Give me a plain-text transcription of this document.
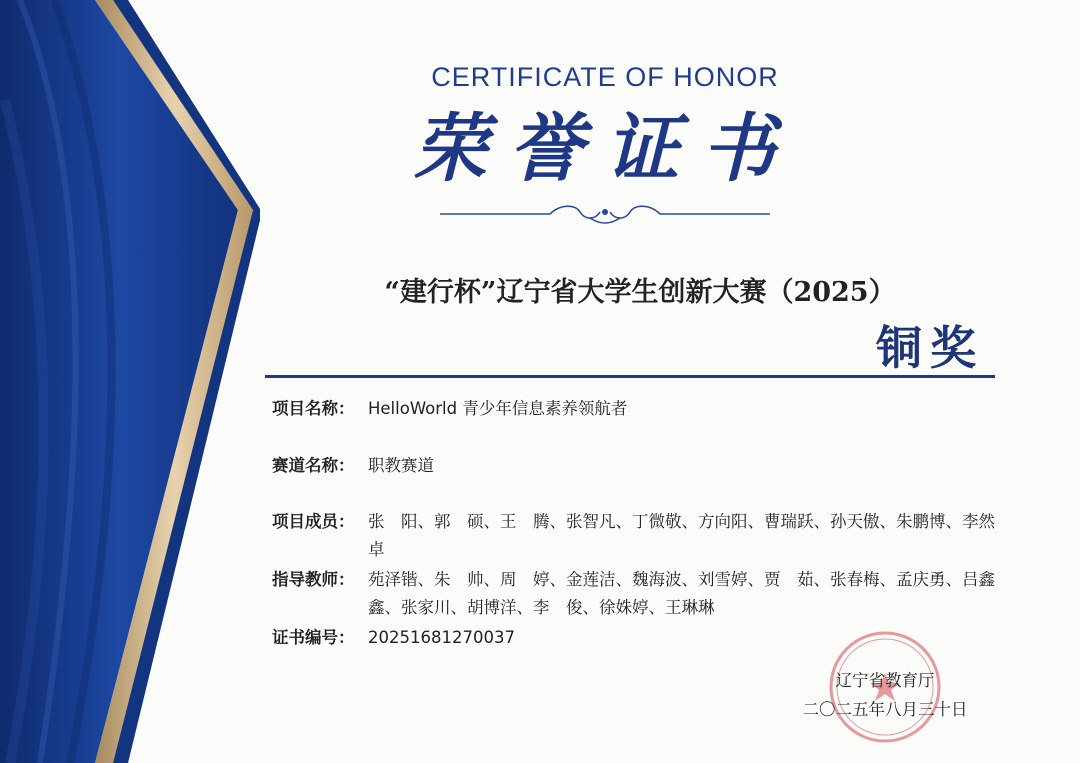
CERTIFICATE OF HONOR
荣誉证书
“建行杯”辽宁省大学生创新大赛（2025）
铜奖
项目名称： HelloWorld 青少年信息素养领航者
赛道名称： 职教赛道
项目成员： 张　阳、郭　硕、王　腾、张智凡、丁微敬、方向阳、曹瑞跃、孙天傲、朱鹏博、李然卓
指导教师： 苑泽锴、朱　帅、周　婷、金莲洁、魏海波、刘雪婷、贾　茹、张春梅、孟庆勇、吕鑫鑫、张家川、胡博洋、李　俊、徐姝婷、王琳琳
证书编号： 20251681270037
辽宁省教育厅
二〇二五年八月三十日
